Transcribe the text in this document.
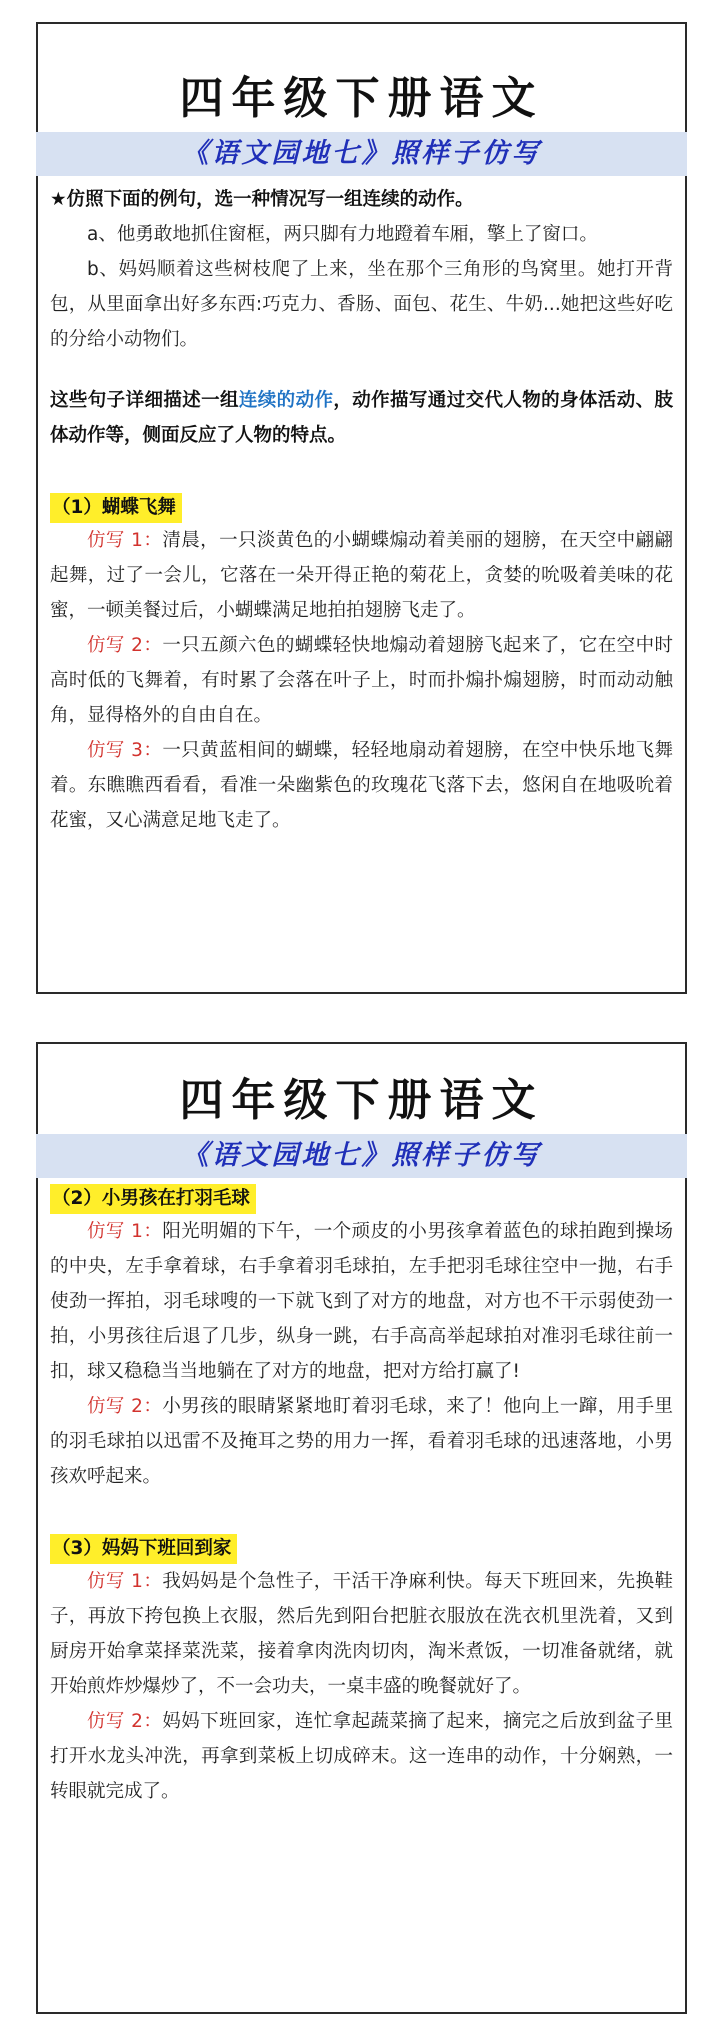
四年级下册语文
《语文园地七》照样子仿写

★仿照下面的例句，选一种情况写一组连续的动作。

a、他勇敢地抓住窗框，两只脚有力地蹬着车厢，擎上了窗口。

b、妈妈顺着这些树枝爬了上来，坐在那个三角形的鸟窝里。她打开背包，从里面拿出好多东西:巧克力、香肠、面包、花生、牛奶...她把这些好吃的分给小动物们。

这些句子详细描述一组连续的动作，动作描写通过交代人物的身体活动、肢体动作等，侧面反应了人物的特点。

（1）蝴蝶飞舞

仿写 1：清晨，一只淡黄色的小蝴蝶煽动着美丽的翅膀，在天空中翩翩起舞，过了一会儿，它落在一朵开得正艳的菊花上，贪婪的吮吸着美味的花蜜，一顿美餐过后，小蝴蝶满足地拍拍翅膀飞走了。

仿写 2：一只五颜六色的蝴蝶轻快地煽动着翅膀飞起来了，它在空中时高时低的飞舞着，有时累了会落在叶子上，时而扑煽扑煽翅膀，时而动动触角，显得格外的自由自在。

仿写 3：一只黄蓝相间的蝴蝶，轻轻地扇动着翅膀，在空中快乐地飞舞着。东瞧瞧西看看，看准一朵幽紫色的玫瑰花飞落下去，悠闲自在地吸吮着花蜜，又心满意足地飞走了。

四年级下册语文
《语文园地七》照样子仿写
（2）小男孩在打羽毛球

仿写 1：阳光明媚的下午，一个顽皮的小男孩拿着蓝色的球拍跑到操场的中央，左手拿着球，右手拿着羽毛球拍，左手把羽毛球往空中一抛，右手使劲一挥拍，羽毛球嗖的一下就飞到了对方的地盘，对方也不干示弱使劲一拍，小男孩往后退了几步，纵身一跳，右手高高举起球拍对准羽毛球往前一扣，球又稳稳当当地躺在了对方的地盘，把对方给打赢了!

仿写 2：小男孩的眼睛紧紧地盯着羽毛球，来了！他向上一蹿，用手里的羽毛球拍以迅雷不及掩耳之势的用力一挥，看着羽毛球的迅速落地，小男孩欢呼起来。

（3）妈妈下班回到家

仿写 1：我妈妈是个急性子，干活干净麻利快。每天下班回来，先换鞋子，再放下挎包换上衣服，然后先到阳台把脏衣服放在洗衣机里洗着，又到厨房开始拿菜择菜洗菜，接着拿肉洗肉切肉，淘米煮饭，一切准备就绪，就开始煎炸炒爆炒了，不一会功夫，一桌丰盛的晚餐就好了。

仿写 2：妈妈下班回家，连忙拿起蔬菜摘了起来，摘完之后放到盆子里打开水龙头冲洗，再拿到菜板上切成碎末。这一连串的动作，十分娴熟，一转眼就完成了。
